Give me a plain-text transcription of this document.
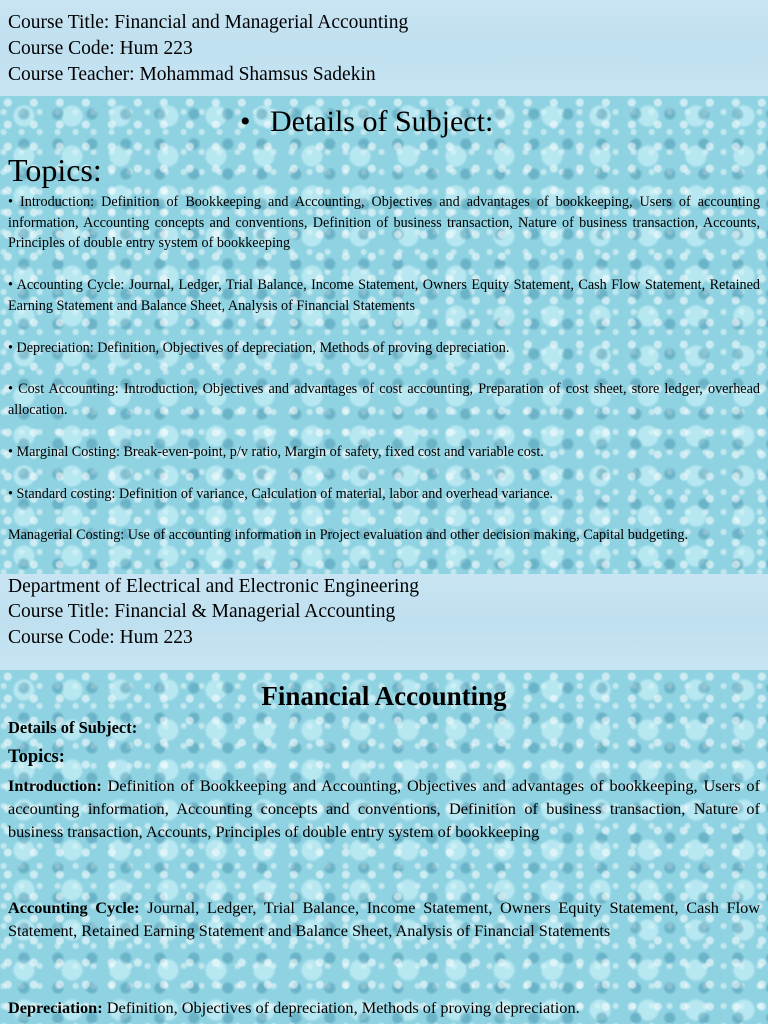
Course Title: Financial and Managerial Accounting
Course Code: Hum 223
Course Teacher: Mohammad Shamsus Sadekin
• Details of Subject:
Topics:

• Introduction: Definition of Bookkeeping and Accounting, Objectives and advantages of bookkeeping, Users of accounting information, Accounting concepts and conventions, Definition of business transaction, Nature of business transaction, Accounts, Principles of double entry system of bookkeeping

• Accounting Cycle: Journal, Ledger, Trial Balance, Income Statement, Owners Equity Statement, Cash Flow Statement, Retained Earning Statement and Balance Sheet, Analysis of Financial Statements

• Depreciation: Definition, Objectives of depreciation, Methods of proving depreciation.

• Cost Accounting: Introduction, Objectives and advantages of cost accounting, Preparation of cost sheet, store ledger, overhead allocation.

• Marginal Costing: Break-even-point, p/v ratio, Margin of safety, fixed cost and variable cost.

• Standard costing: Definition of variance, Calculation of material, labor and overhead variance.

Managerial Costing: Use of accounting information in Project evaluation and other decision making, Capital budgeting.

Department of Electrical and Electronic Engineering
Course Title: Financial & Managerial Accounting
Course Code: Hum 223
Financial Accounting
Details of Subject:
Topics:

Introduction: Definition of Bookkeeping and Accounting, Objectives and advantages of bookkeeping, Users of accounting information, Accounting concepts and conventions, Definition of business transaction, Nature of business transaction, Accounts, Principles of double entry system of bookkeeping

Accounting Cycle: Journal, Ledger, Trial Balance, Income Statement, Owners Equity Statement, Cash Flow Statement, Retained Earning Statement and Balance Sheet, Analysis of Financial Statements

Depreciation: Definition, Objectives of depreciation, Methods of proving depreciation.
